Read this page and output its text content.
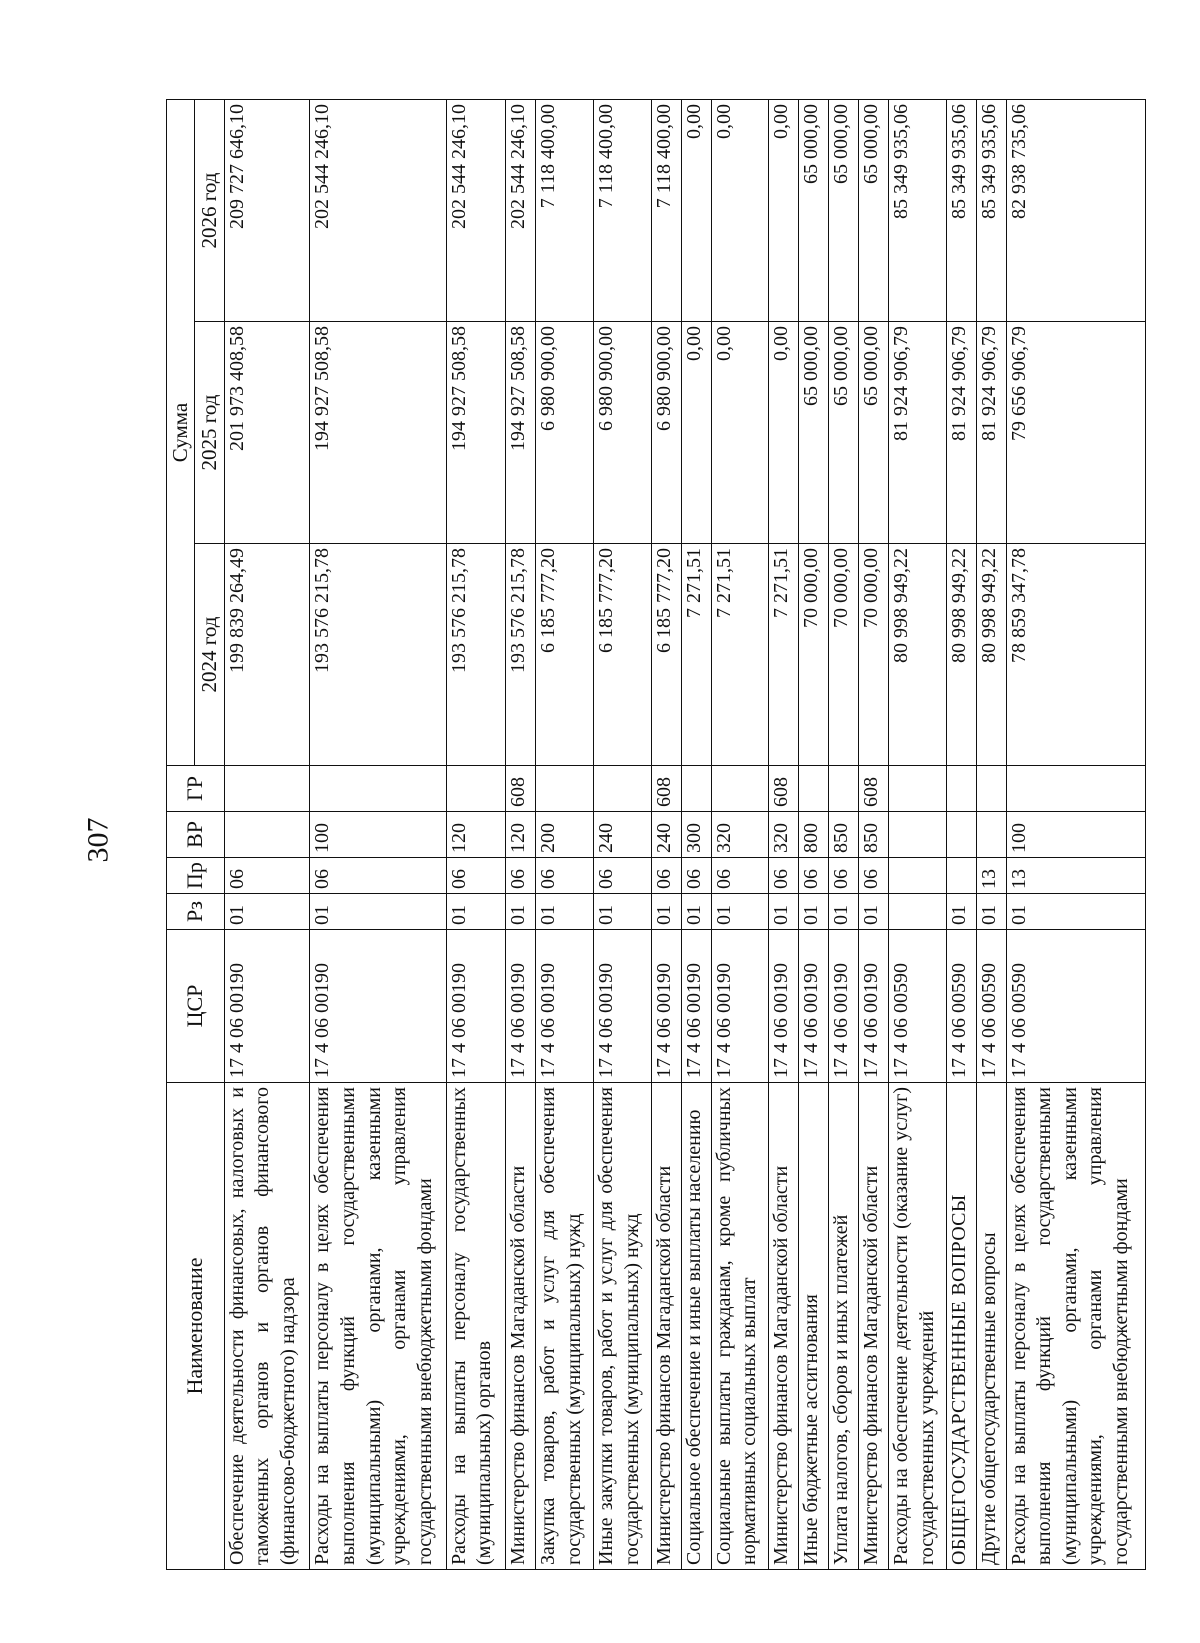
307
Наименование	ЦСР	Рз	Пр	ВР	ГР	Сумма		
						2024 год	2025 год	2026 год
Обеспечение деятельности финансовых, налоговых и таможенных органов и органов финансового (финансово-бюджетного) надзора	17 4 06 00190	01	06			199 839 264,49	201 973 408,58	209 727 646,10
Расходы на выплаты персоналу в целях обеспечения выполнения функций государственными (муниципальными) органами, казенными учреждениями, органами управления государственными внебюджетными фондами	17 4 06 00190	01	06	100		193 576 215,78	194 927 508,58	202 544 246,10
Расходы на выплаты персоналу государственных (муниципальных) органов	17 4 06 00190	01	06	120		193 576 215,78	194 927 508,58	202 544 246,10
Министерство финансов Магаданской области	17 4 06 00190	01	06	120	608	193 576 215,78	194 927 508,58	202 544 246,10
Закупка товаров, работ и услуг для обеспечения государственных (муниципальных) нужд	17 4 06 00190	01	06	200		6 185 777,20	6 980 900,00	7 118 400,00
Иные закупки товаров, работ и услуг для обеспечения государственных (муниципальных) нужд	17 4 06 00190	01	06	240		6 185 777,20	6 980 900,00	7 118 400,00
Министерство финансов Магаданской области	17 4 06 00190	01	06	240	608	6 185 777,20	6 980 900,00	7 118 400,00
Социальное обеспечение и иные выплаты населению	17 4 06 00190	01	06	300		7 271,51	0,00	0,00
Социальные выплаты гражданам, кроме публичных нормативных социальных выплат	17 4 06 00190	01	06	320		7 271,51	0,00	0,00
Министерство финансов Магаданской области	17 4 06 00190	01	06	320	608	7 271,51	0,00	0,00
Иные бюджетные ассигнования	17 4 06 00190	01	06	800		70 000,00	65 000,00	65 000,00
Уплата налогов, сборов и иных платежей	17 4 06 00190	01	06	850		70 000,00	65 000,00	65 000,00
Министерство финансов Магаданской области	17 4 06 00190	01	06	850	608	70 000,00	65 000,00	65 000,00
Расходы на обеспечение деятельности (оказание услуг) государственных учреждений	17 4 06 00590					80 998 949,22	81 924 906,79	85 349 935,06
ОБЩЕГОСУДАРСТВЕННЫЕ ВОПРОСЫ	17 4 06 00590	01				80 998 949,22	81 924 906,79	85 349 935,06
Другие общегосударственные вопросы	17 4 06 00590	01	13			80 998 949,22	81 924 906,79	85 349 935,06
Расходы на выплаты персоналу в целях обеспечения выполнения функций государственными (муниципальными) органами, казенными учреждениями, органами управления государственными внебюджетными фондами	17 4 06 00590	01	13	100		78 859 347,78	79 656 906,79	82 938 735,06
